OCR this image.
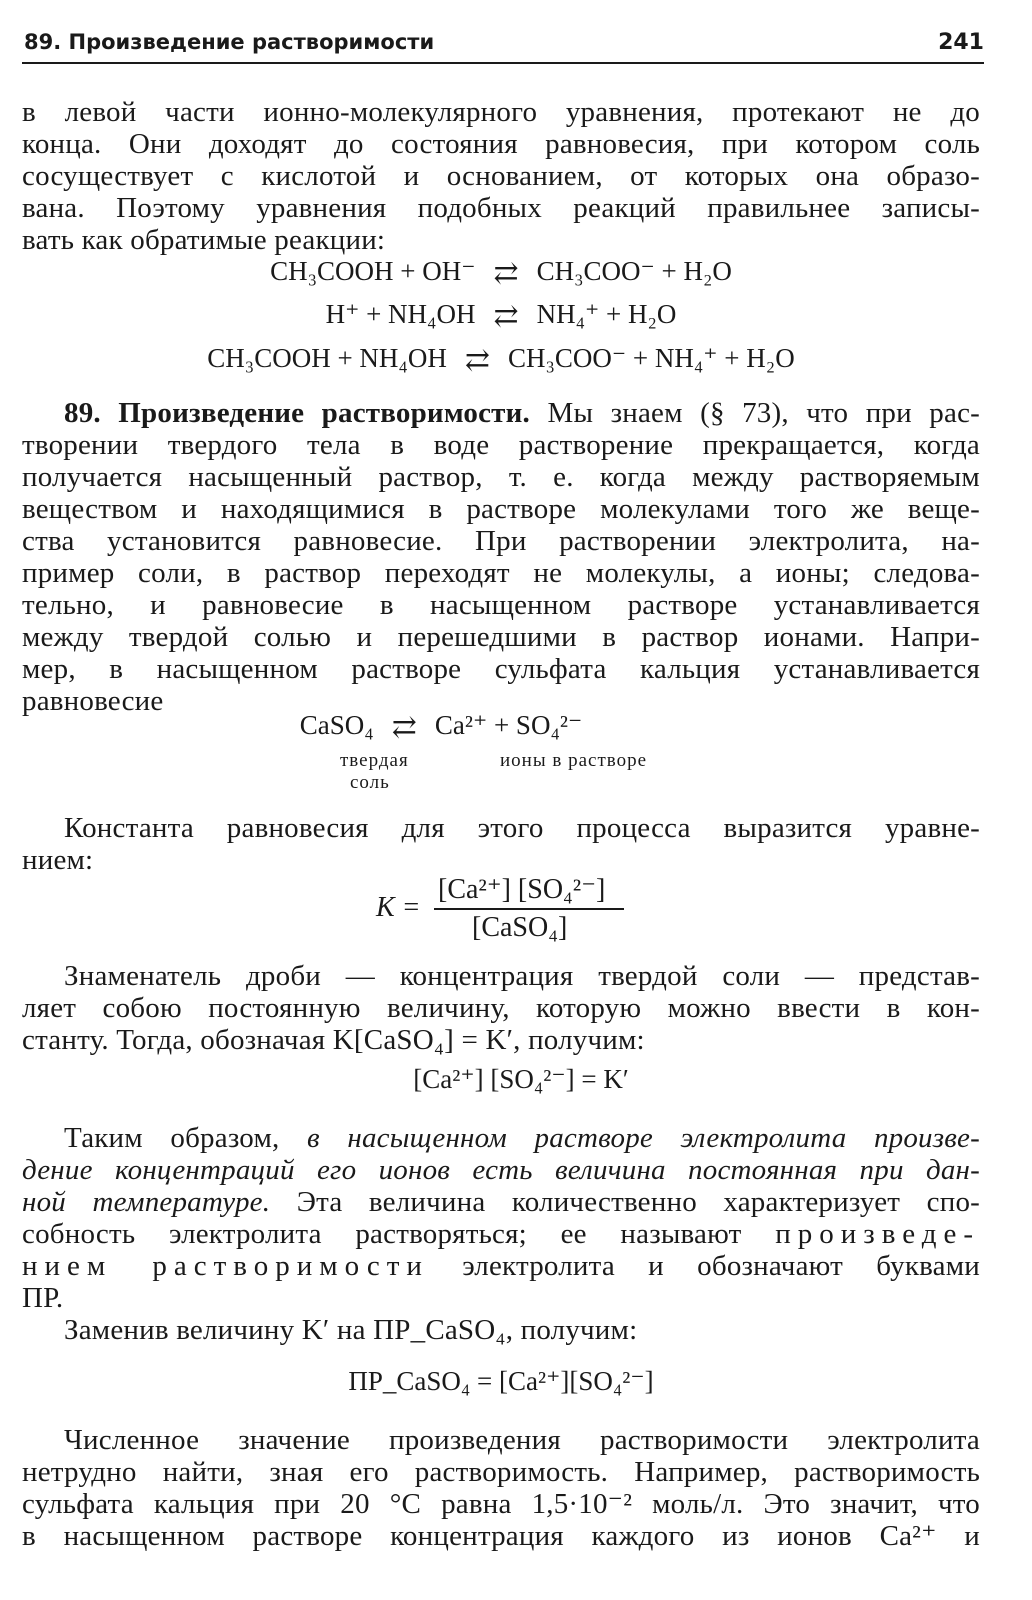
89. Произведение растворимости	241
в левой части ионно-молекулярного уравнения, протекают не до
конца. Они доходят до состояния равновесия, при котором соль
сосуществует с кислотой и основанием, от которых она образо-
вана. Поэтому уравнения подобных реакций правильнее записы-
вать как обратимые реакции:
CH₃COOH + OH⁻ ⇄ CH₃COO⁻ + H₂O
H⁺ + NH₄OH ⇄ NH₄⁺ + H₂O
CH₃COOH + NH₄OH ⇄ CH₃COO⁻ + NH₄⁺ + H₂O
89. Произведение растворимости. Мы знаем (§ 73), что при рас-
творении твердого тела в воде растворение прекращается, когда
получается насыщенный раствор, т. е. когда между растворяемым
веществом и находящимися в растворе молекулами того же веще-
ства установится равновесие. При растворении электролита, на-
пример соли, в раствор переходят не молекулы, а ионы; следова-
тельно, и равновесие в насыщенном растворе устанавливается
между твердой солью и перешедшими в раствор ионами. Напри-
мер, в насыщенном растворе сульфата кальция устанавливается
равновесие
CaSO₄ ⇄ Ca²⁺ + SO₄²⁻
твердая
соль
ионы в растворе
Константа равновесия для этого процесса выразится уравне-
нием:
K =
[Ca²⁺] [SO₄²⁻]
[CaSO₄]
Знаменатель дроби — концентрация твердой соли — представ-
ляет собою постоянную величину, которую можно ввести в кон-
станту. Тогда, обозначая K[CaSO₄] = K′, получим:
[Ca²⁺] [SO₄²⁻] = K′
Таким образом, в насыщенном растворе электролита произве-
дение концентраций его ионов есть величина постоянная при дан-
ной температуре. Эта величина количественно характеризует спо-
собность электролита растворяться; ее называют произведе-
нием растворимости электролита и обозначают буквами
ПР.
Заменив величину K′ на ПР_CaSO₄, получим:
ПР_CaSO₄ = [Ca²⁺][SO₄²⁻]
Численное значение произведения растворимости электролита
нетрудно найти, зная его растворимость. Например, растворимость
сульфата кальция при 20 °С равна 1,5·10⁻² моль/л. Это значит, что
в насыщенном растворе концентрация каждого из ионов Ca²⁺ и
